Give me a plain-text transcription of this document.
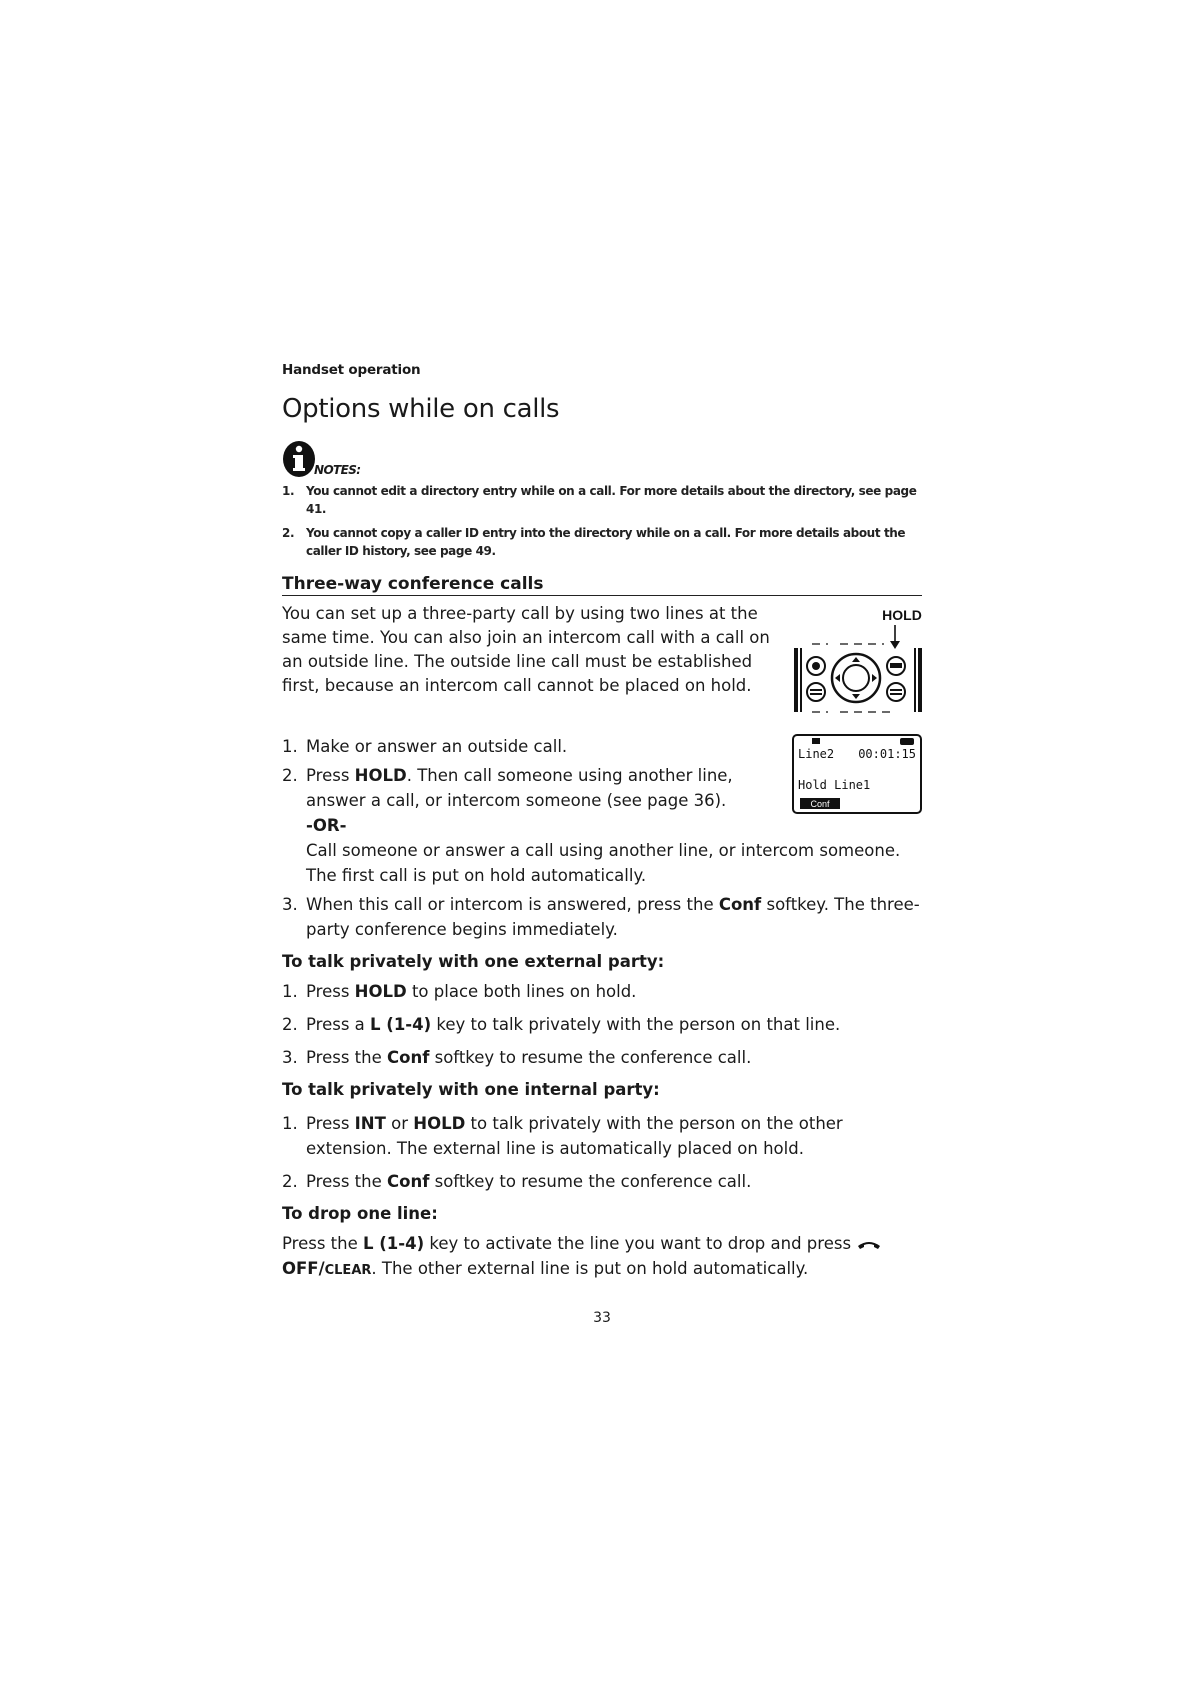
Handset operation
Options while on calls
NOTES:
1. You cannot edit a directory entry while on a call. For more details about the directory, see page 41.
2. You cannot copy a caller ID entry into the directory while on a call. For more details about the caller ID history, see page 49.
Three-way conference calls

You can set up a three-party call by using two lines at the same time. You can also join an intercom call with a call on an outside line. The outside line call must be established first, because an intercom call cannot be placed on hold.

HOLD
Line2 00:01:15
Hold Line1
Conf
1. Make or answer an outside call.
2. Press HOLD. Then call someone using another line, answer a call, or intercom someone (see page 36).
-OR-
Call someone or answer a call using another line, or intercom someone. The first call is put on hold automatically.
3. When this call or intercom is answered, press the Conf softkey. The three-party conference begins immediately.
To talk privately with one external party:
1. Press HOLD to place both lines on hold.
2. Press a L (1-4) key to talk privately with the person on that line.
3. Press the Conf softkey to resume the conference call.
To talk privately with one internal party:
1. Press INT or HOLD to talk privately with the person on the other extension. The external line is automatically placed on hold.
2. Press the Conf softkey to resume the conference call.
To drop one line:

Press the L (1-4) key to activate the line you want to drop and press OFF/CLEAR. The other external line is put on hold automatically.

33
